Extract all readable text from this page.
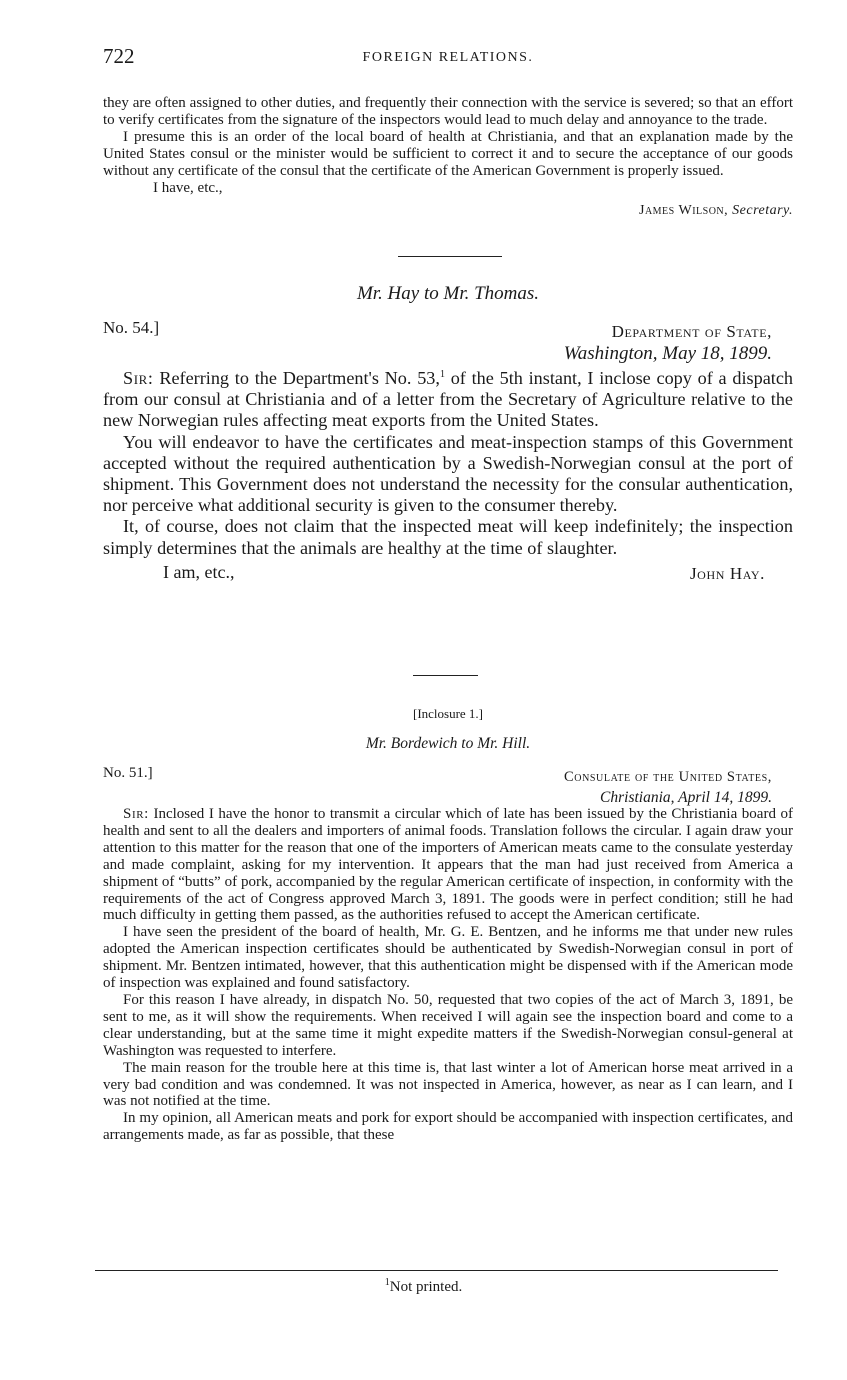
722	FOREIGN RELATIONS.

they are often assigned to other duties, and frequently their connection with the service is severed; so that an effort to verify certificates from the signature of the inspectors would lead to much delay and annoyance to the trade.

I presume this is an order of the local board of health at Christiania, and that an explanation made by the United States consul or the minister would be sufficient to correct it and to secure the acceptance of our goods without any certificate of the consul that the certificate of the American Government is properly issued.

I have, etc.,

James Wilson, Secretary.

Mr. Hay to Mr. Thomas.
No. 54.]	Department of State,
Washington, May 18, 1899.

Sir: Referring to the Department's No. 53,$^1$ of the 5th instant, I inclose copy of a dispatch from our consul at Christiania and of a letter from the Secretary of Agriculture relative to the new Norwegian rules affecting meat exports from the United States.

You will endeavor to have the certificates and meat-inspection stamps of this Government accepted without the required authentication by a Swedish-Norwegian consul at the port of shipment. This Government does not understand the necessity for the consular authentication, nor perceive what additional security is given to the consumer thereby.

It, of course, does not claim that the inspected meat will keep indefinitely; the inspection simply determines that the animals are healthy at the time of slaughter.

I am, etc.,	John Hay.
[Inclosure 1.]
Mr. Bordewich to Mr. Hill.
No. 51.]	Consulate of the United States,
Christiania, April 14, 1899.

Sir: Inclosed I have the honor to transmit a circular which of late has been issued by the Christiania board of health and sent to all the dealers and importers of animal foods. Translation follows the circular. I again draw your attention to this matter for the reason that one of the importers of American meats came to the consulate yesterday and made complaint, asking for my intervention. It appears that the man had just received from America a shipment of “butts” of pork, accompanied by the regular American certificate of inspection, in conformity with the requirements of the act of Congress approved March 3, 1891. The goods were in perfect condition; still he had much difficulty in getting them passed, as the authorities refused to accept the American certificate.

I have seen the president of the board of health, Mr. G. E. Bentzen, and he informs me that under new rules adopted the American inspection certificates should be authenticated by Swedish-Norwegian consul in port of shipment. Mr. Bentzen intimated, however, that this authentication might be dispensed with if the American mode of inspection was explained and found satisfactory.

For this reason I have already, in dispatch No. 50, requested that two copies of the act of March 3, 1891, be sent to me, as it will show the requirements. When received I will again see the inspection board and come to a clear understanding, but at the same time it might expedite matters if the Swedish-Norwegian consul-general at Washington was requested to interfere.

The main reason for the trouble here at this time is, that last winter a lot of American horse meat arrived in a very bad condition and was condemned. It was not inspected in America, however, as near as I can learn, and I was not notified at the time.

In my opinion, all American meats and pork for export should be accompanied with inspection certificates, and arrangements made, as far as possible, that these

$^1$Not printed.
